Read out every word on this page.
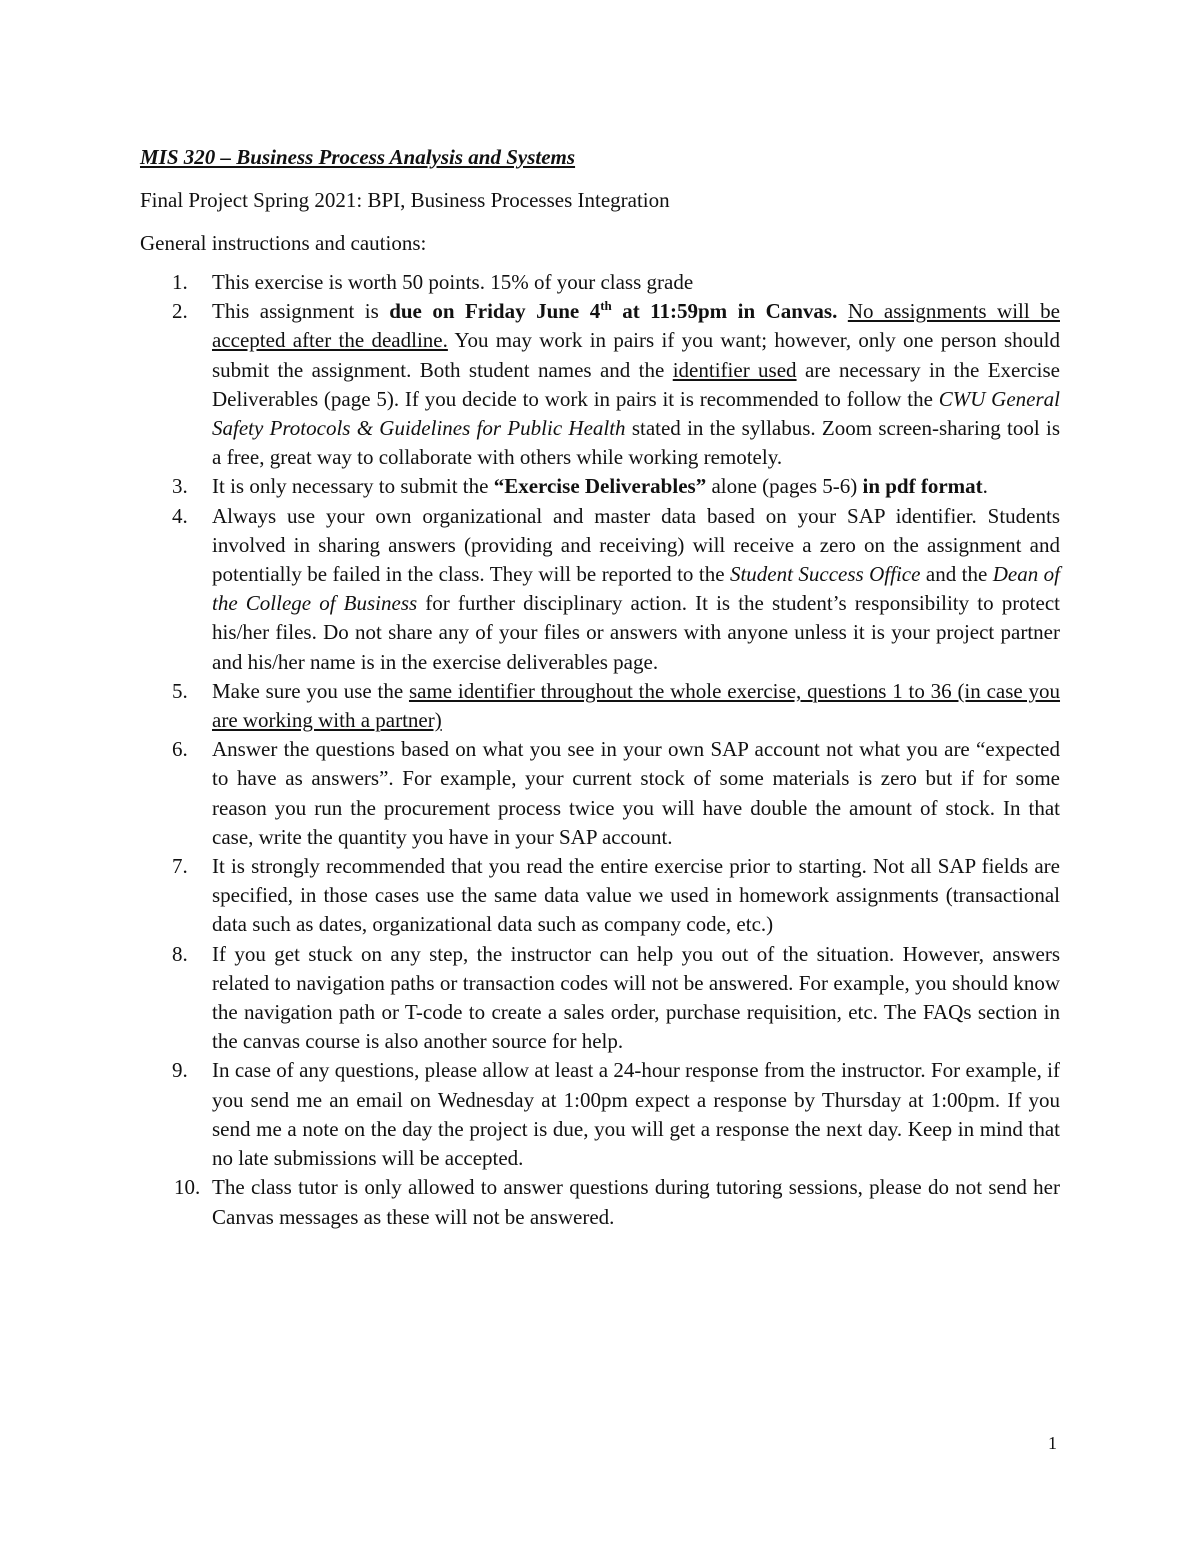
MIS 320 – Business Process Analysis and Systems
Final Project Spring 2021: BPI, Business Processes Integration
General instructions and cautions:
1. This exercise is worth 50 points. 15% of your class grade
2. This assignment is due on Friday June 4th at 11:59pm in Canvas. No assignments will be accepted after the deadline. You may work in pairs if you want; however, only one person should submit the assignment. Both student names and the identifier used are necessary in the Exercise Deliverables (page 5). If you decide to work in pairs it is recommended to follow the CWU General Safety Protocols & Guidelines for Public Health stated in the syllabus. Zoom screen-sharing tool is a free, great way to collaborate with others while working remotely.
3. It is only necessary to submit the “Exercise Deliverables” alone (pages 5-6) in pdf format.
4. Always use your own organizational and master data based on your SAP identifier. Students involved in sharing answers (providing and receiving) will receive a zero on the assignment and potentially be failed in the class. They will be reported to the Student Success Office and the Dean of the College of Business for further disciplinary action. It is the student’s responsibility to protect his/her files. Do not share any of your files or answers with anyone unless it is your project partner and his/her name is in the exercise deliverables page.
5. Make sure you use the same identifier throughout the whole exercise, questions 1 to 36 (in case you are working with a partner)
6. Answer the questions based on what you see in your own SAP account not what you are “expected to have as answers”. For example, your current stock of some materials is zero but if for some reason you run the procurement process twice you will have double the amount of stock. In that case, write the quantity you have in your SAP account.
7. It is strongly recommended that you read the entire exercise prior to starting. Not all SAP fields are specified, in those cases use the same data value we used in homework assignments (transactional data such as dates, organizational data such as company code, etc.)
8. If you get stuck on any step, the instructor can help you out of the situation. However, answers related to navigation paths or transaction codes will not be answered. For example, you should know the navigation path or T-code to create a sales order, purchase requisition, etc. The FAQs section in the canvas course is also another source for help.
9. In case of any questions, please allow at least a 24-hour response from the instructor. For example, if you send me an email on Wednesday at 1:00pm expect a response by Thursday at 1:00pm. If you send me a note on the day the project is due, you will get a response the next day. Keep in mind that no late submissions will be accepted.
10. The class tutor is only allowed to answer questions during tutoring sessions, please do not send her Canvas messages as these will not be answered.
1
